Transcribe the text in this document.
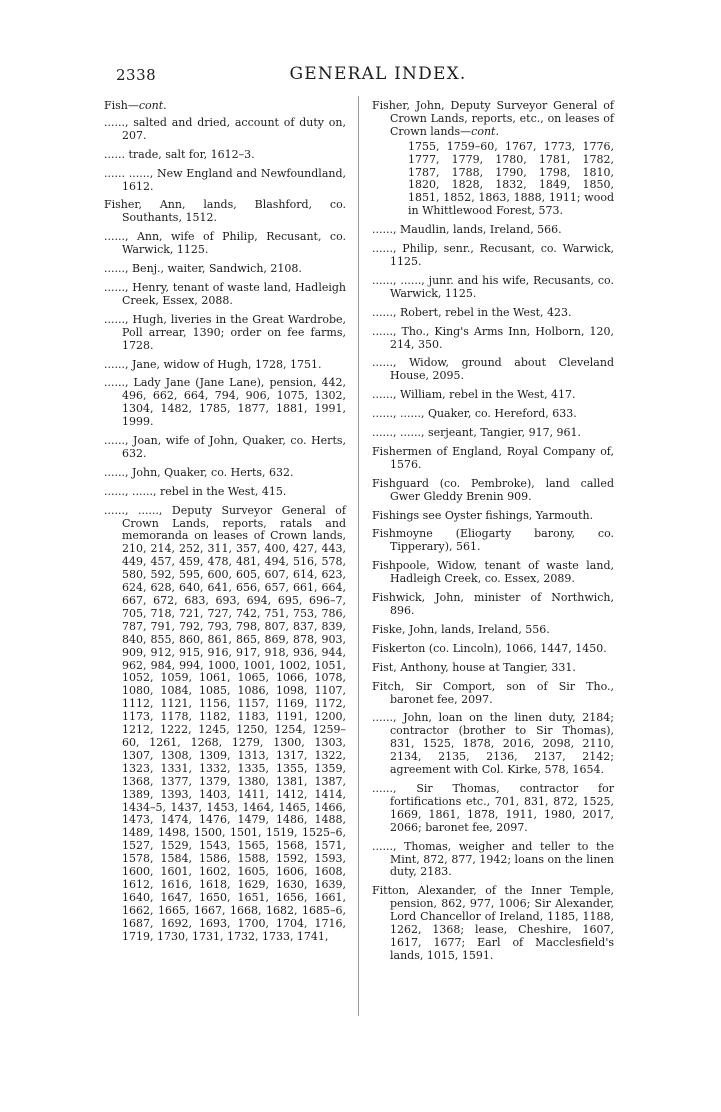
2338	GENERAL INDEX.

Fish—cont.
......, salted and dried, account of duty on, 207.
...... trade, salt for, 1612–3.
...... ......, New England and Newfoundland, 1612.
Fisher, Ann, lands, Blashford, co. Southants, 1512.
......, Ann, wife of Philip, Recusant, co. Warwick, 1125.
......, Benj., waiter, Sandwich, 2108.
......, Henry, tenant of waste land, Hadleigh Creek, Essex, 2088.
......, Hugh, liveries in the Great Wardrobe, Poll arrear, 1390; order on fee farms, 1728.
......, Jane, widow of Hugh, 1728, 1751.
......, Lady Jane (Jane Lane), pension, 442, 496, 662, 664, 794, 906, 1075, 1302, 1304, 1482, 1785, 1877, 1881, 1991, 1999.
......, Joan, wife of John, Quaker, co. Herts, 632.
......, John, Quaker, co. Herts, 632.
......, ......, rebel in the West, 415.
......, ......, Deputy Surveyor General of Crown Lands, reports, ratals and memoranda on leases of Crown lands, 210, 214, 252, 311, 357, 400, 427, 443, 449, 457, 459, 478, 481, 494, 516, 578, 580, 592, 595, 600, 605, 607, 614, 623, 624, 628, 640, 641, 656, 657, 661, 664, 667, 672, 683, 693, 694, 695, 696–7, 705, 718, 721, 727, 742, 751, 753, 786, 787, 791, 792, 793, 798, 807, 837, 839, 840, 855, 860, 861, 865, 869, 878, 903, 909, 912, 915, 916, 917, 918, 936, 944, 962, 984, 994, 1000, 1001, 1002, 1051, 1052, 1059, 1061, 1065, 1066, 1078, 1080, 1084, 1085, 1086, 1098, 1107, 1112, 1121, 1156, 1157, 1169, 1172, 1173, 1178, 1182, 1183, 1191, 1200, 1212, 1222, 1245, 1250, 1254, 1259–60, 1261, 1268, 1279, 1300, 1303, 1307, 1308, 1309, 1313, 1317, 1322, 1323, 1331, 1332, 1335, 1355, 1359, 1368, 1377, 1379, 1380, 1381, 1387, 1389, 1393, 1403, 1411, 1412, 1414, 1434–5, 1437, 1453, 1464, 1465, 1466, 1473, 1474, 1476, 1479, 1486, 1488, 1489, 1498, 1500, 1501, 1519, 1525–6, 1527, 1529, 1543, 1565, 1568, 1571, 1578, 1584, 1586, 1588, 1592, 1593, 1600, 1601, 1602, 1605, 1606, 1608, 1612, 1616, 1618, 1629, 1630, 1639, 1640, 1647, 1650, 1651, 1656, 1661, 1662, 1665, 1667, 1668, 1682, 1685–6, 1687, 1692, 1693, 1700, 1704, 1716, 1719, 1730, 1731, 1732, 1733, 1741,
Fisher, John, Deputy Surveyor General of Crown Lands, reports, etc., on leases of Crown lands—cont.
1755, 1759–60, 1767, 1773, 1776, 1777, 1779, 1780, 1781, 1782, 1787, 1788, 1790, 1798, 1810, 1820, 1828, 1832, 1849, 1850, 1851, 1852, 1863, 1888, 1911; wood in Whittlewood Forest, 573.
......, Maudlin, lands, Ireland, 566.
......, Philip, senr., Recusant, co. Warwick, 1125.
......, ......, junr. and his wife, Recusants, co. Warwick, 1125.
......, Robert, rebel in the West, 423.
......, Tho., King's Arms Inn, Holborn, 120, 214, 350.
......, Widow, ground about Cleveland House, 2095.
......, William, rebel in the West, 417.
......, ......, Quaker, co. Hereford, 633.
......, ......, serjeant, Tangier, 917, 961.
Fishermen of England, Royal Company of, 1576.
Fishguard (co. Pembroke), land called Gwer Gleddy Brenin 909.
Fishings see Oyster fishings, Yarmouth.
Fishmoyne (Eliogarty barony, co. Tipperary), 561.
Fishpoole, Widow, tenant of waste land, Hadleigh Creek, co. Essex, 2089.
Fishwick, John, minister of Northwich, 896.
Fiske, John, lands, Ireland, 556.
Fiskerton (co. Lincoln), 1066, 1447, 1450.
Fist, Anthony, house at Tangier, 331.
Fitch, Sir Comport, son of Sir Tho., baronet fee, 2097.
......, John, loan on the linen duty, 2184; contractor (brother to Sir Thomas), 831, 1525, 1878, 2016, 2098, 2110, 2134, 2135, 2136, 2137, 2142; agreement with Col. Kirke, 578, 1654.
......, Sir Thomas, contractor for fortifications etc., 701, 831, 872, 1525, 1669, 1861, 1878, 1911, 1980, 2017, 2066; baronet fee, 2097.
......, Thomas, weigher and teller to the Mint, 872, 877, 1942; loans on the linen duty, 2183.
Fitton, Alexander, of the Inner Temple, pension, 862, 977, 1006; Sir Alexander, Lord Chancellor of Ireland, 1185, 1188, 1262, 1368; lease, Cheshire, 1607, 1617, 1677; Earl of Macclesfield's lands, 1015, 1591.
